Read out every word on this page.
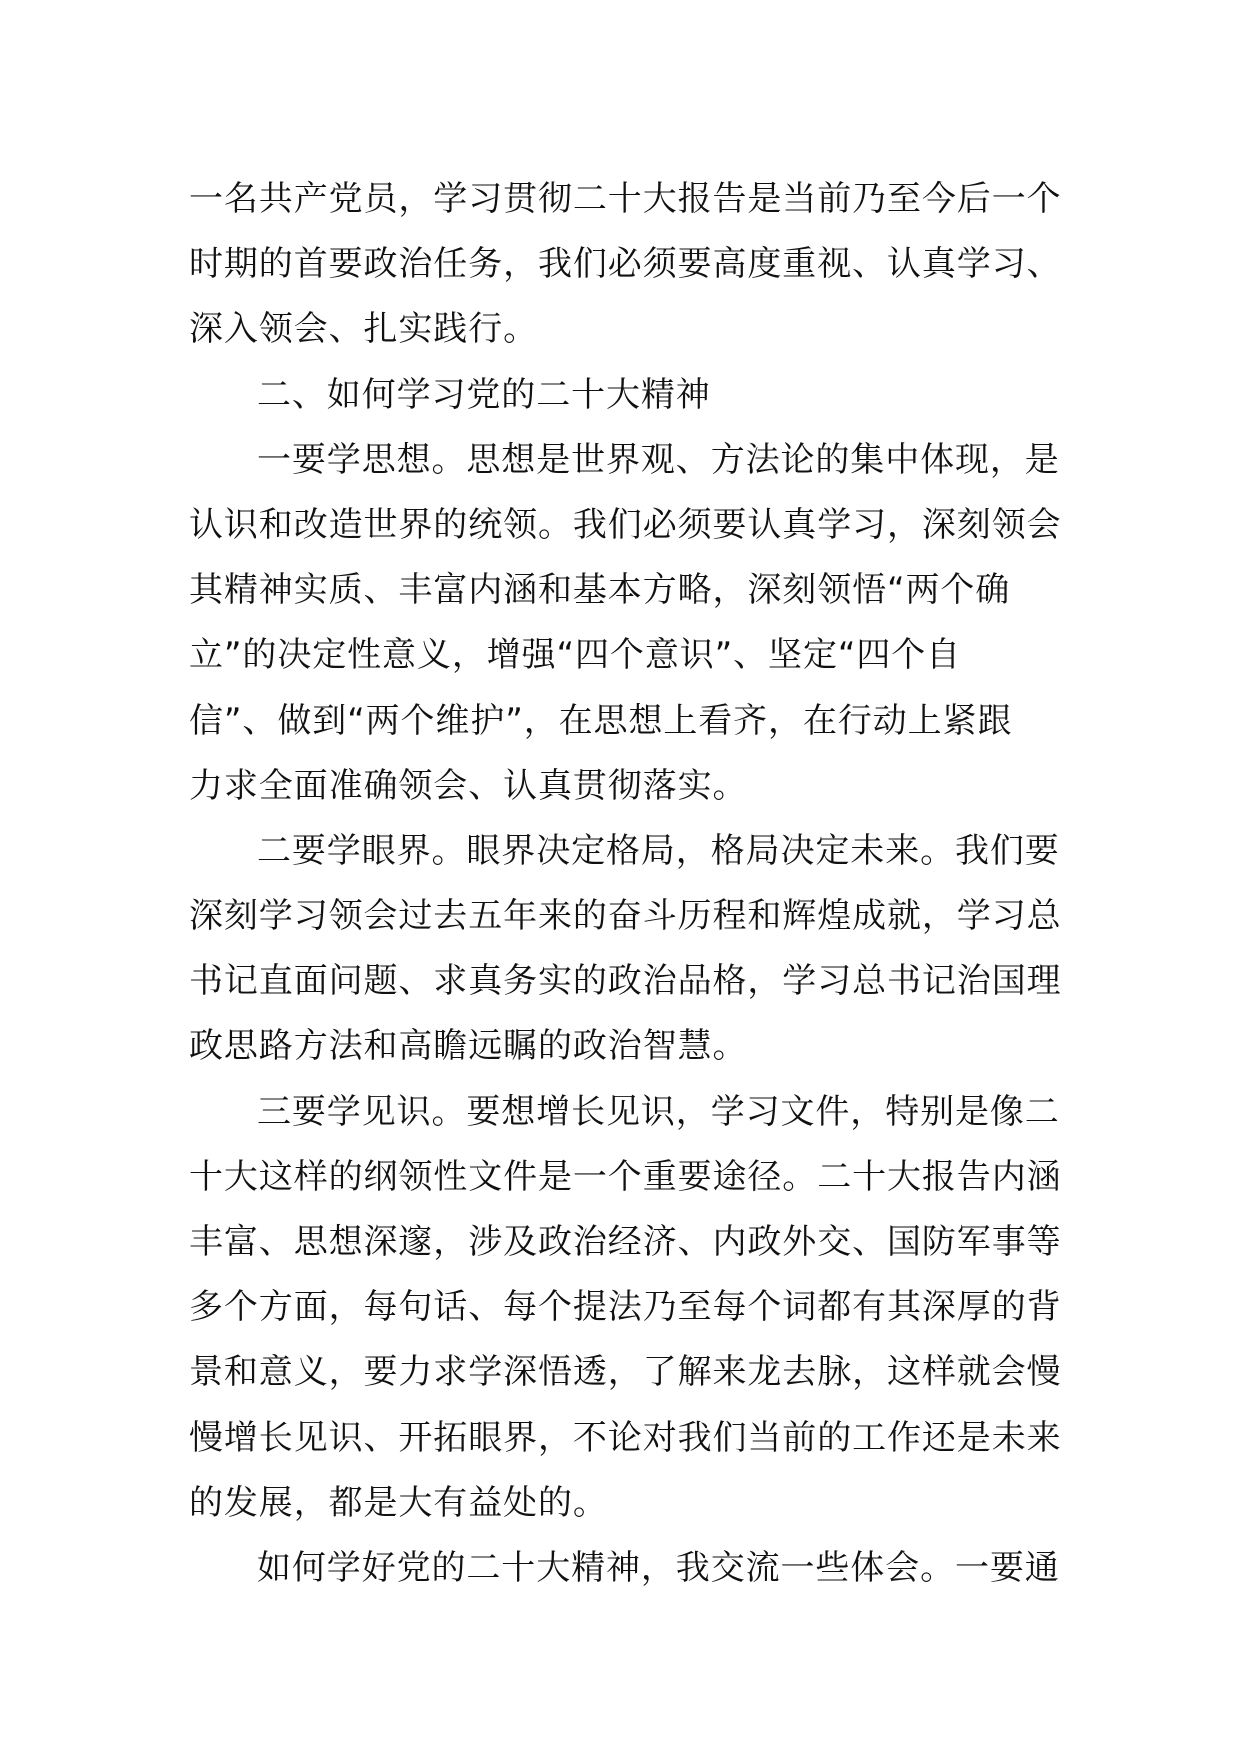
一名共产党员，学习贯彻二十大报告是当前乃至今后一个
时期的首要政治任务，我们必须要高度重视、认真学习、
深入领会、扎实践行。
二、如何学习党的二十大精神
一要学思想。思想是世界观、方法论的集中体现，是
认识和改造世界的统领。我们必须要认真学习，深刻领会
其精神实质、丰富内涵和基本方略，深刻领悟“两个确
立”的决定性意义，增强“四个意识”、坚定“四个自
信”、做到“两个维护”，在思想上看齐，在行动上紧跟
力求全面准确领会、认真贯彻落实。
二要学眼界。眼界决定格局，格局决定未来。我们要
深刻学习领会过去五年来的奋斗历程和辉煌成就，学习总
书记直面问题、求真务实的政治品格，学习总书记治国理
政思路方法和高瞻远瞩的政治智慧。
三要学见识。要想增长见识，学习文件，特别是像二
十大这样的纲领性文件是一个重要途径。二十大报告内涵
丰富、思想深邃，涉及政治经济、内政外交、国防军事等
多个方面，每句话、每个提法乃至每个词都有其深厚的背
景和意义，要力求学深悟透，了解来龙去脉，这样就会慢
慢增长见识、开拓眼界，不论对我们当前的工作还是未来
的发展，都是大有益处的。
如何学好党的二十大精神，我交流一些体会。一要通
